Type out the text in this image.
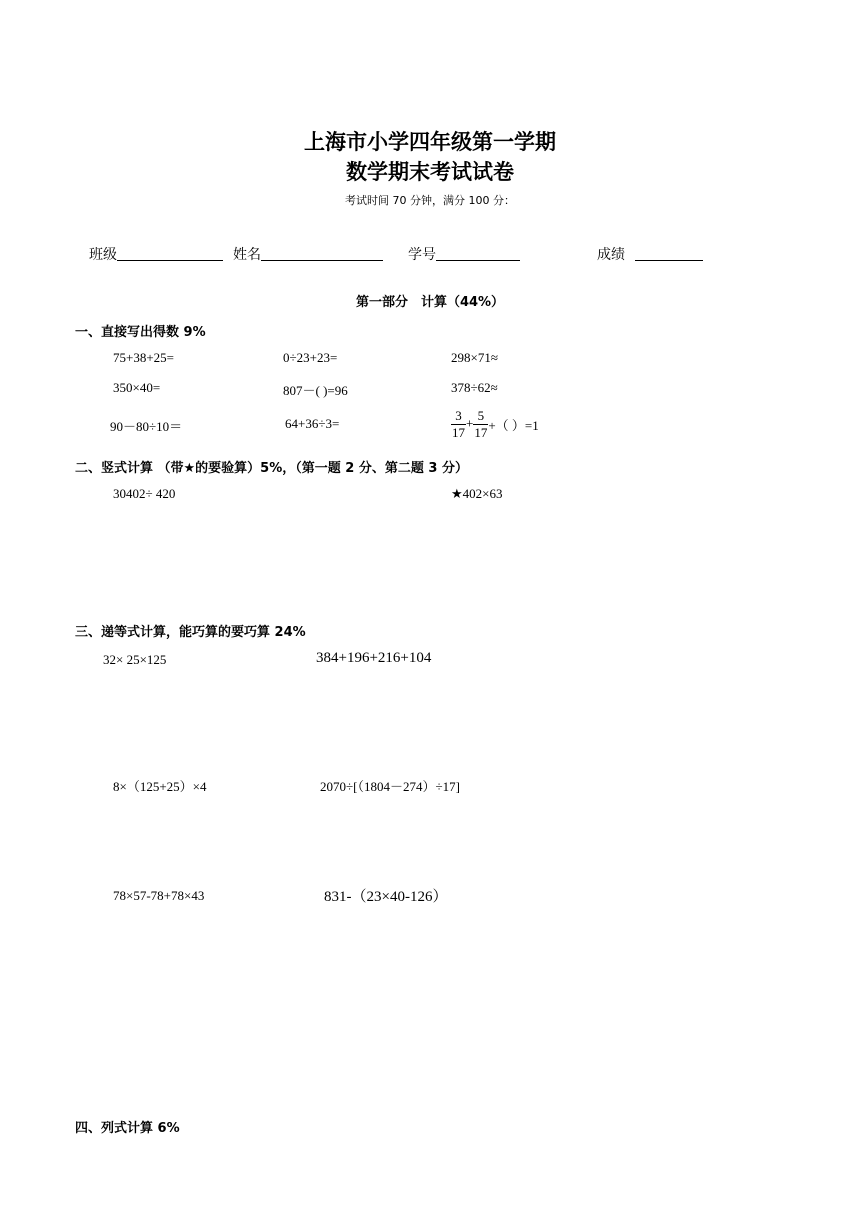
上海市小学四年级第一学期
数学期末考试试卷
考试时间 70 分钟，满分 100 分：
班级	姓名	学号	成绩
第一部分　计算（44%）
一、直接写出得数 9%
75+38+25=	0÷23+23=	298×71≈
350×40=	807－( )=96	378÷62≈
90－80÷10＝	64+36÷3=	$\frac{3}{17} + \frac{5}{17}$ +（ ）=1
二、竖式计算 （带★的要验算）5%，（第一题 2 分、第二题 3 分）
30402÷ 420	★402×63
三、递等式计算，能巧算的要巧算 24%
32× 25×125	384+196+216+104
8×（125+25）×4	2070÷[（1804－274）÷17]
78×57-78+78×43	831-（23×40-126）
四、列式计算 6%
